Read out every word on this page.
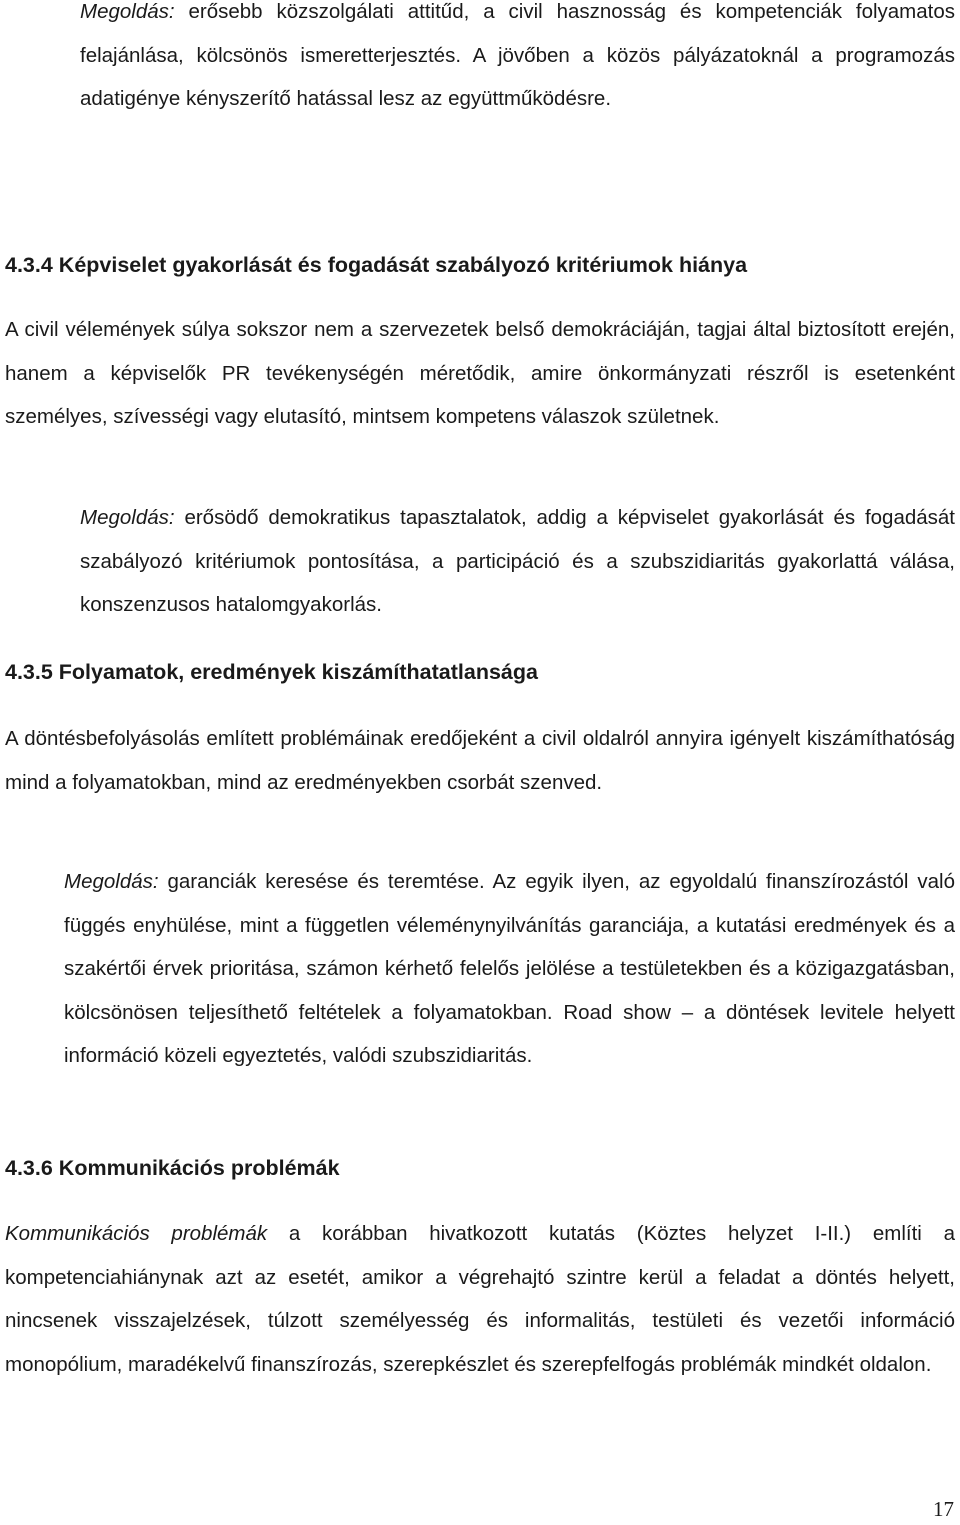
Megoldás: erősebb közszolgálati attitűd, a civil hasznosság és kompetenciák folyamatos felajánlása, kölcsönös ismeretterjesztés. A jövőben a közös pályázatoknál a programozás adatigénye kényszerítő hatással lesz az együttműködésre.

4.3.4 Képviselet gyakorlását és fogadását szabályozó kritériumok hiánya

A civil vélemények súlya sokszor nem a szervezetek belső demokráciáján, tagjai által biztosított erején, hanem a képviselők PR tevékenységén méretődik, amire önkormányzati részről is esetenként személyes, szívességi vagy elutasító, mintsem kompetens válaszok születnek.

Megoldás: erősödő demokratikus tapasztalatok, addig a képviselet gyakorlását és fogadását szabályozó kritériumok pontosítása, a participáció és a szubszidiaritás gyakorlattá válása, konszenzusos hatalomgyakorlás.

4.3.5 Folyamatok, eredmények kiszámíthatatlansága

A döntésbefolyásolás említett problémáinak eredőjeként a civil oldalról annyira igényelt kiszámíthatóság mind a folyamatokban, mind az eredményekben csorbát szenved.

Megoldás: garanciák keresése és teremtése. Az egyik ilyen, az egyoldalú finanszírozástól való függés enyhülése, mint a független véleménynyilvánítás garanciája, a kutatási eredmények és a szakértői érvek prioritása, számon kérhető felelős jelölése a testületekben és a közigazgatásban, kölcsönösen teljesíthető feltételek a folyamatokban. Road show – a döntések levitele helyett információ közeli egyeztetés, valódi szubszidiaritás.

4.3.6 Kommunikációs problémák

Kommunikációs problémák a korábban hivatkozott kutatás (Köztes helyzet I-II.) említi a kompetenciahiánynak azt az esetét, amikor a végrehajtó szintre kerül a feladat a döntés helyett, nincsenek visszajelzések, túlzott személyesség és informalitás, testületi és vezetői információ monopólium, maradékelvű finanszírozás, szerepkészlet és szerepfelfogás problémák mindkét oldalon.

17
